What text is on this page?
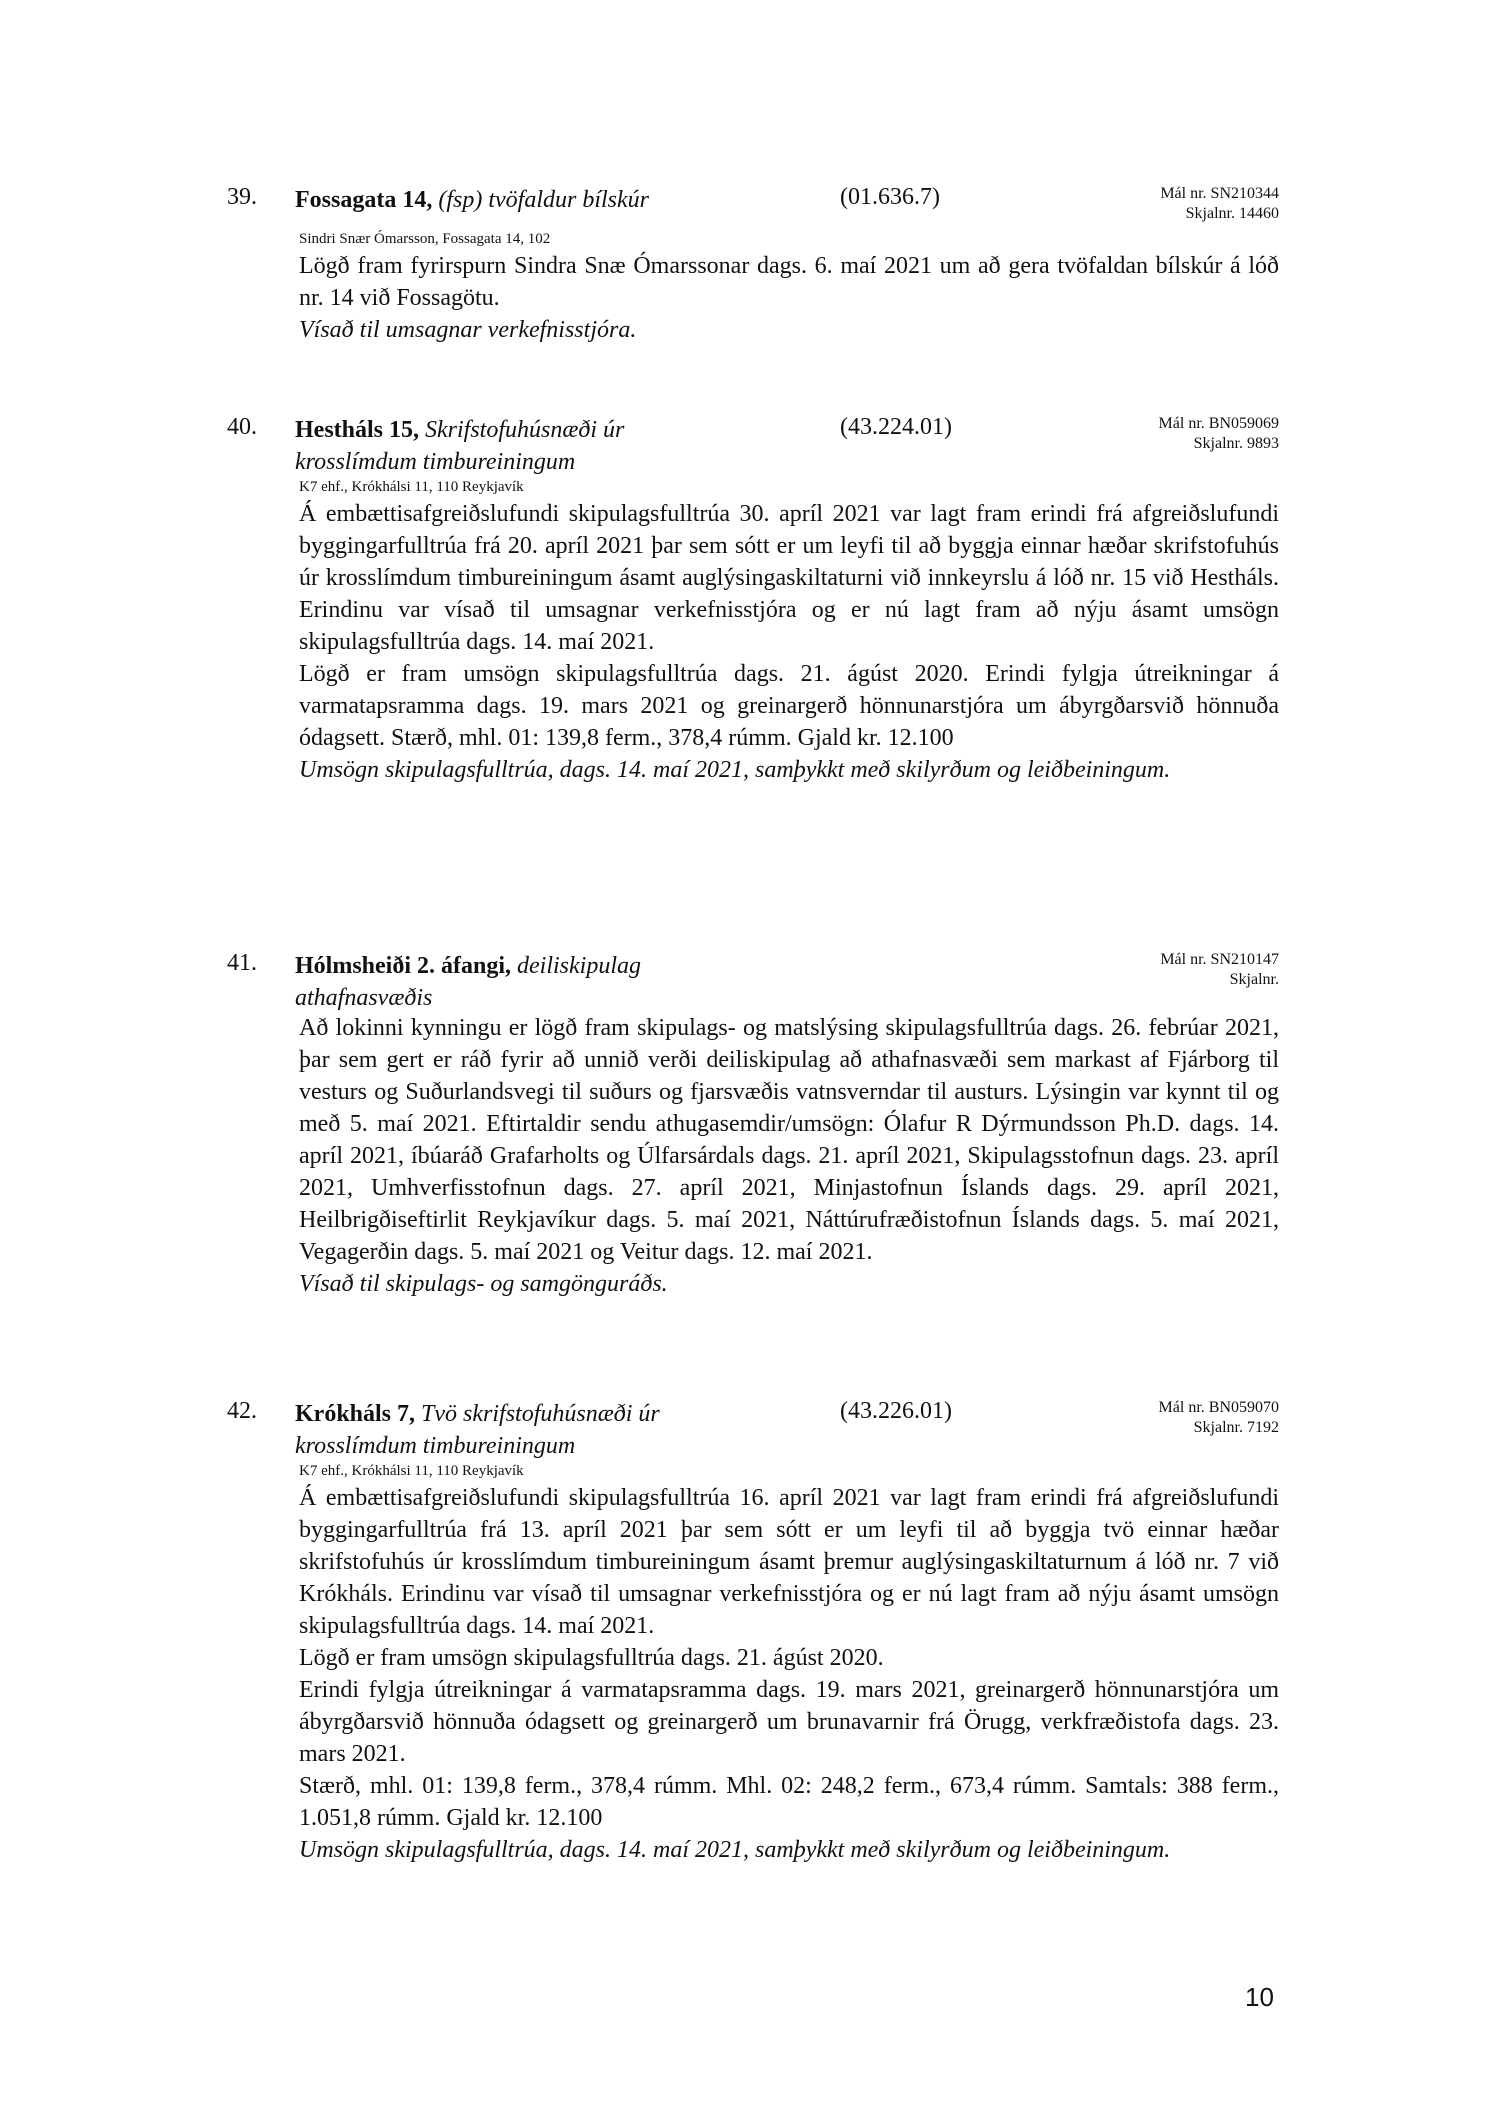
39. Fossagata 14, (fsp) tvöfaldur bílskúr	(01.636.7)	Mál nr. SN210344
Skjalnr. 14460
Sindri Snær Ómarsson, Fossagata 14, 102

Lögð fram fyrirspurn Sindra Snæ Ómarssonar dags. 6. maí 2021 um að gera tvöfaldan bílskúr á lóð nr. 14 við Fossagötu.

Vísað til umsagnar verkefnisstjóra.

40. Hestháls 15, Skrifstofuhúsnæði úr krosslímdum timbureiningum
(43.224.01)	Mál nr. BN059069
Skjalnr. 9893
K7 ehf., Krókhálsi 11, 110 Reykjavík

Á embættisafgreiðslufundi skipulagsfulltrúa 30. apríl 2021 var lagt fram erindi frá afgreiðslufundi byggingarfulltrúa frá 20. apríl 2021 þar sem sótt er um leyfi til að byggja einnar hæðar skrifstofuhús úr krosslímdum timbureiningum ásamt auglýsingaskiltaturni við innkeyrslu á lóð nr. 15 við Hestháls. Erindinu var vísað til umsagnar verkefnisstjóra og er nú lagt fram að nýju ásamt umsögn skipulagsfulltrúa dags. 14. maí 2021.

Lögð er fram umsögn skipulagsfulltrúa dags. 21. ágúst 2020. Erindi fylgja útreikningar á varmatapsramma dags. 19. mars 2021 og greinargerð hönnunarstjóra um ábyrgðarsvið hönnuða ódagsett. Stærð, mhl. 01: 139,8 ferm., 378,4 rúmm. Gjald kr. 12.100

Umsögn skipulagsfulltrúa, dags. 14. maí 2021, samþykkt með skilyrðum og leiðbeiningum.

41. Hólmsheiði 2. áfangi, deiliskipulag athafnasvæðis
Mál nr. SN210147
Skjalnr.

Að lokinni kynningu er lögð fram skipulags- og matslýsing skipulagsfulltrúa dags. 26. febrúar 2021, þar sem gert er ráð fyrir að unnið verði deiliskipulag að athafnasvæði sem markast af Fjárborg til vesturs og Suðurlandsvegi til suðurs og fjarsvæðis vatnsverndar til austurs. Lýsingin var kynnt til og með 5. maí 2021. Eftirtaldir sendu athugasemdir/umsögn: Ólafur R Dýrmundsson Ph.D. dags. 14. apríl 2021, íbúaráð Grafarholts og Úlfarsárdals dags. 21. apríl 2021, Skipulagsstofnun dags. 23. apríl 2021, Umhverfisstofnun dags. 27. apríl 2021, Minjastofnun Íslands dags. 29. apríl 2021, Heilbrigðiseftirlit Reykjavíkur dags. 5. maí 2021, Náttúrufræðistofnun Íslands dags. 5. maí 2021, Vegagerðin dags. 5. maí 2021 og Veitur dags. 12. maí 2021.

Vísað til skipulags- og samgönguráðs.

42. Krókháls 7, Tvö skrifstofuhúsnæði úr krosslímdum timbureiningum
(43.226.01)	Mál nr. BN059070
Skjalnr. 7192
K7 ehf., Krókhálsi 11, 110 Reykjavík

Á embættisafgreiðslufundi skipulagsfulltrúa 16. apríl 2021 var lagt fram erindi frá afgreiðslufundi byggingarfulltrúa frá 13. apríl 2021 þar sem sótt er um leyfi til að byggja tvö einnar hæðar skrifstofuhús úr krosslímdum timbureiningum ásamt þremur auglýsingaskiltaturnum á lóð nr. 7 við Krókháls. Erindinu var vísað til umsagnar verkefnisstjóra og er nú lagt fram að nýju ásamt umsögn skipulagsfulltrúa dags. 14. maí 2021.

Lögð er fram umsögn skipulagsfulltrúa dags. 21. ágúst 2020.

Erindi fylgja útreikningar á varmatapsramma dags. 19. mars 2021, greinargerð hönnunarstjóra um ábyrgðarsvið hönnuða ódagsett og greinargerð um brunavarnir frá Örugg, verkfræðistofa dags. 23. mars 2021.

Stærð, mhl. 01: 139,8 ferm., 378,4 rúmm. Mhl. 02: 248,2 ferm., 673,4 rúmm. Samtals: 388 ferm., 1.051,8 rúmm. Gjald kr. 12.100

Umsögn skipulagsfulltrúa, dags. 14. maí 2021, samþykkt með skilyrðum og leiðbeiningum.

10
